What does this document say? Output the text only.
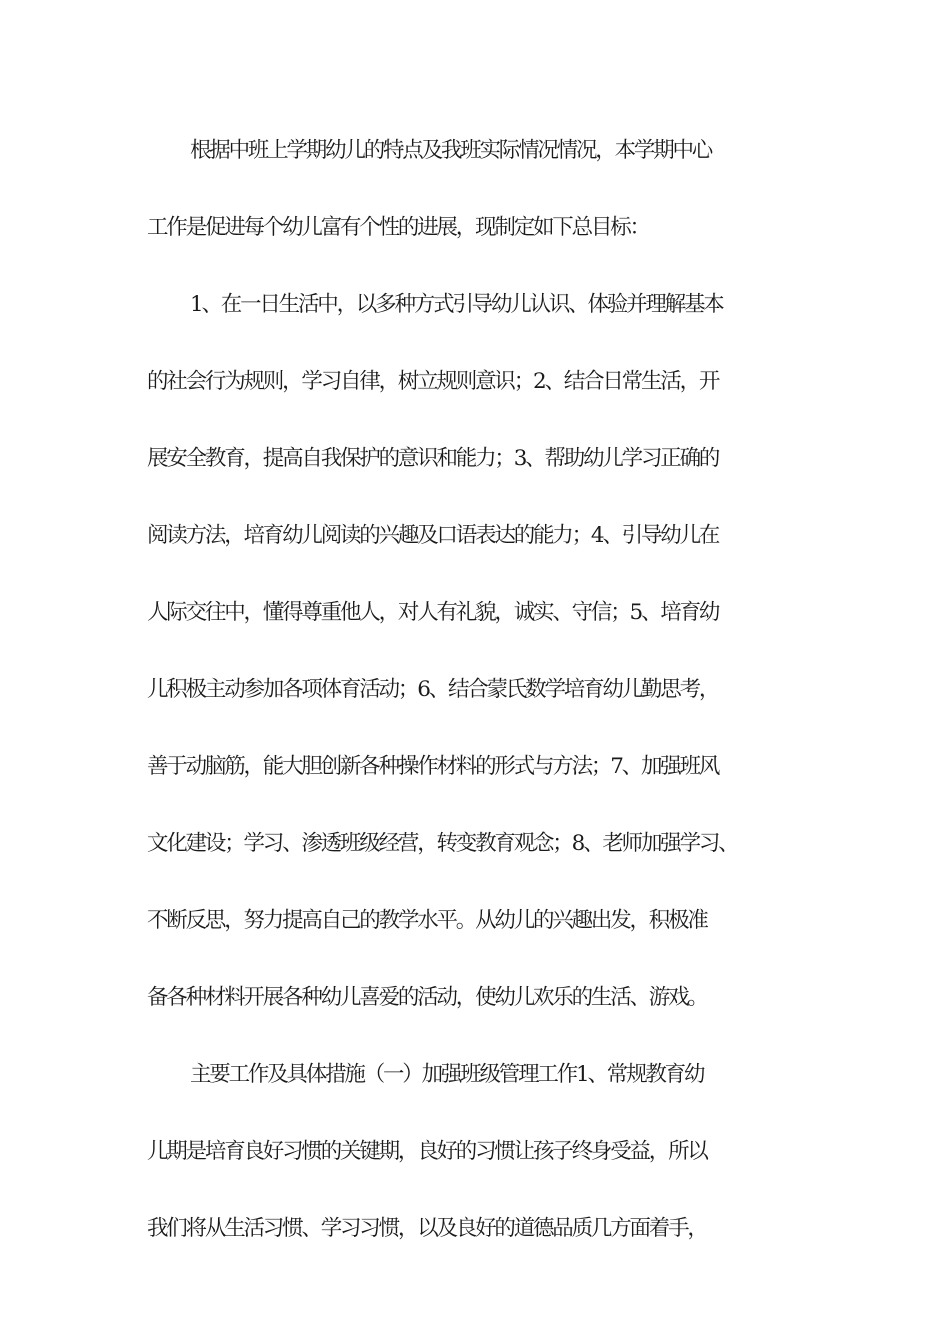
根据中班上学期幼儿的特点及我班实际情况情况，本学期中心
工作是促进每个幼儿富有个性的进展，现制定如下总目标：
1、在一日生活中，以多种方式引导幼儿认识、体验并理解基本
的社会行为规则，学习自律，树立规则意识；2、结合日常生活，开
展安全教育，提高自我保护的意识和能力；3、帮助幼儿学习正确的
阅读方法，培育幼儿阅读的兴趣及口语表达的能力；4、引导幼儿在
人际交往中，懂得尊重他人，对人有礼貌，诚实、守信；5、培育幼
儿积极主动参加各项体育活动；6、结合蒙氏数学培育幼儿勤思考，
善于动脑筋，能大胆创新各种操作材料的形式与方法；7、加强班风
文化建设；学习、渗透班级经营，转变教育观念；8、老师加强学习、
不断反思，努力提高自己的教学水平。从幼儿的兴趣出发，积极准
备各种材料开展各种幼儿喜爱的活动，使幼儿欢乐的生活、游戏。
主要工作及具体措施（一）加强班级管理工作1、常规教育幼
儿期是培育良好习惯的关键期，良好的习惯让孩子终身受益，所以
我们将从生活习惯、学习习惯，以及良好的道德品质几方面着手，
